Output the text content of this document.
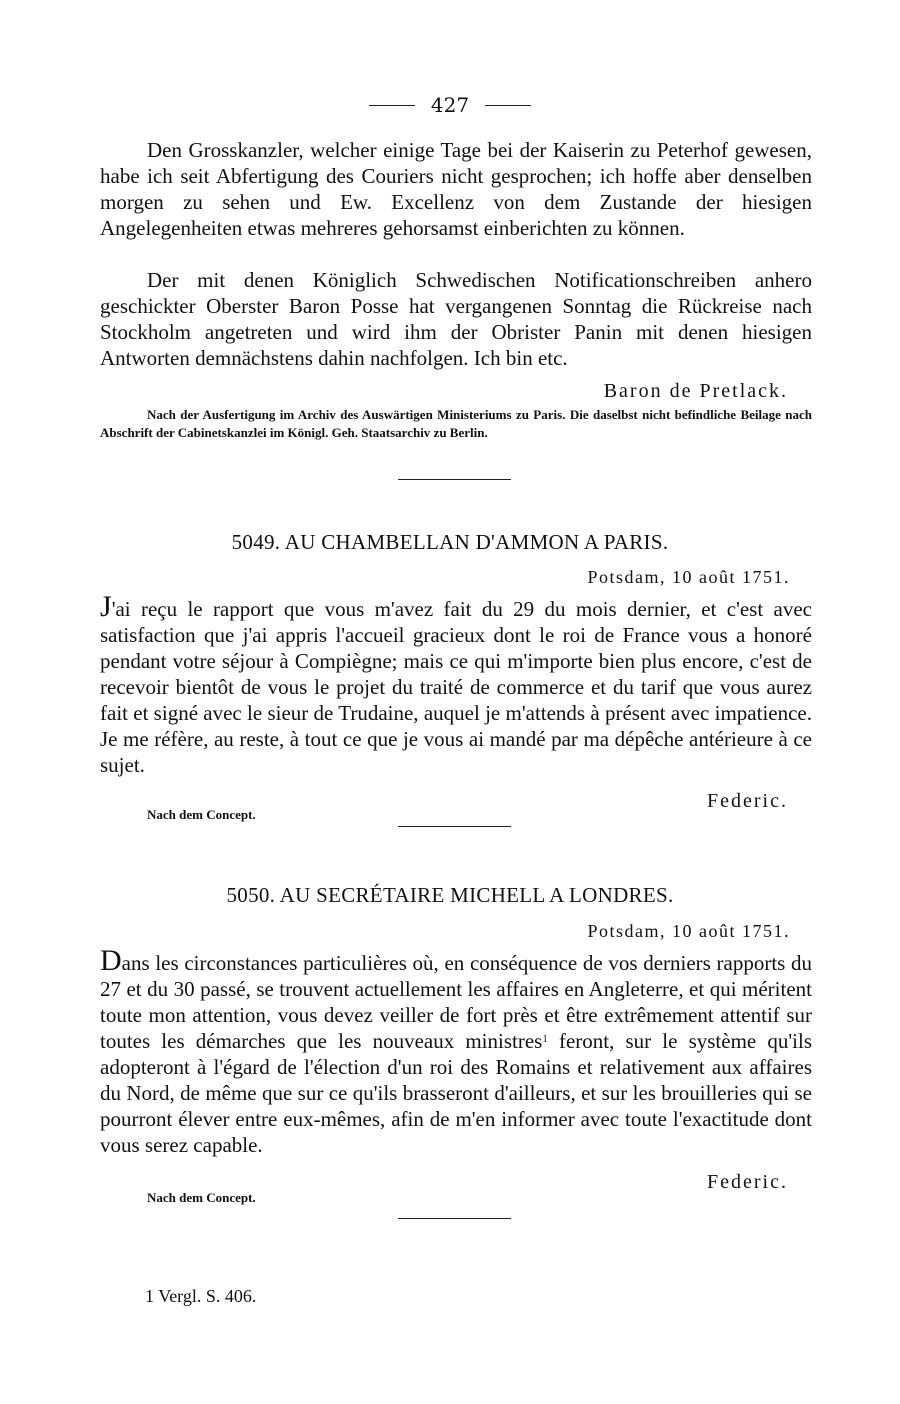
427

Den Grosskanzler, welcher einige Tage bei der Kaiserin zu Peterhof gewesen, habe ich seit Abfertigung des Couriers nicht gesprochen; ich hoffe aber denselben morgen zu sehen und Ew. Excellenz von dem Zustande der hiesigen Angelegenheiten etwas mehreres gehorsamst einberichten zu können.

Der mit denen Königlich Schwedischen Notificationschreiben anhero geschickter Oberster Baron Posse hat vergangenen Sonntag die Rückreise nach Stockholm angetreten und wird ihm der Obrister Panin mit denen hiesigen Antworten demnächstens dahin nachfolgen. Ich bin etc.

Baron de Pretlack.

Nach der Ausfertigung im Archiv des Auswärtigen Ministeriums zu Paris. Die daselbst nicht befindliche Beilage nach Abschrift der Cabinetskanzlei im Königl. Geh. Staatsarchiv zu Berlin.

5049. AU CHAMBELLAN D'AMMON A PARIS.
Potsdam, 10 août 1751.

J'ai reçu le rapport que vous m'avez fait du 29 du mois dernier, et c'est avec satisfaction que j'ai appris l'accueil gracieux dont le roi de France vous a honoré pendant votre séjour à Compiègne; mais ce qui m'importe bien plus encore, c'est de recevoir bientôt de vous le projet du traité de commerce et du tarif que vous aurez fait et signé avec le sieur de Trudaine, auquel je m'attends à présent avec impatience. Je me réfère, au reste, à tout ce que je vous ai mandé par ma dépêche antérieure à ce sujet.

Federic.
Nach dem Concept.
5050. AU SECRÉTAIRE MICHELL A LONDRES.
Potsdam, 10 août 1751.

Dans les circonstances particulières où, en conséquence de vos derniers rapports du 27 et du 30 passé, se trouvent actuellement les affaires en Angleterre, et qui méritent toute mon attention, vous devez veiller de fort près et être extrêmement attentif sur toutes les démarches que les nouveaux ministres$^1$ feront, sur le système qu'ils adopteront à l'égard de l'élection d'un roi des Romains et relativement aux affaires du Nord, de même que sur ce qu'ils brasseront d'ailleurs, et sur les brouilleries qui se pourront élever entre eux-mêmes, afin de m'en informer avec toute l'exactitude dont vous serez capable.

Federic.
Nach dem Concept.
1 Vergl. S. 406.
